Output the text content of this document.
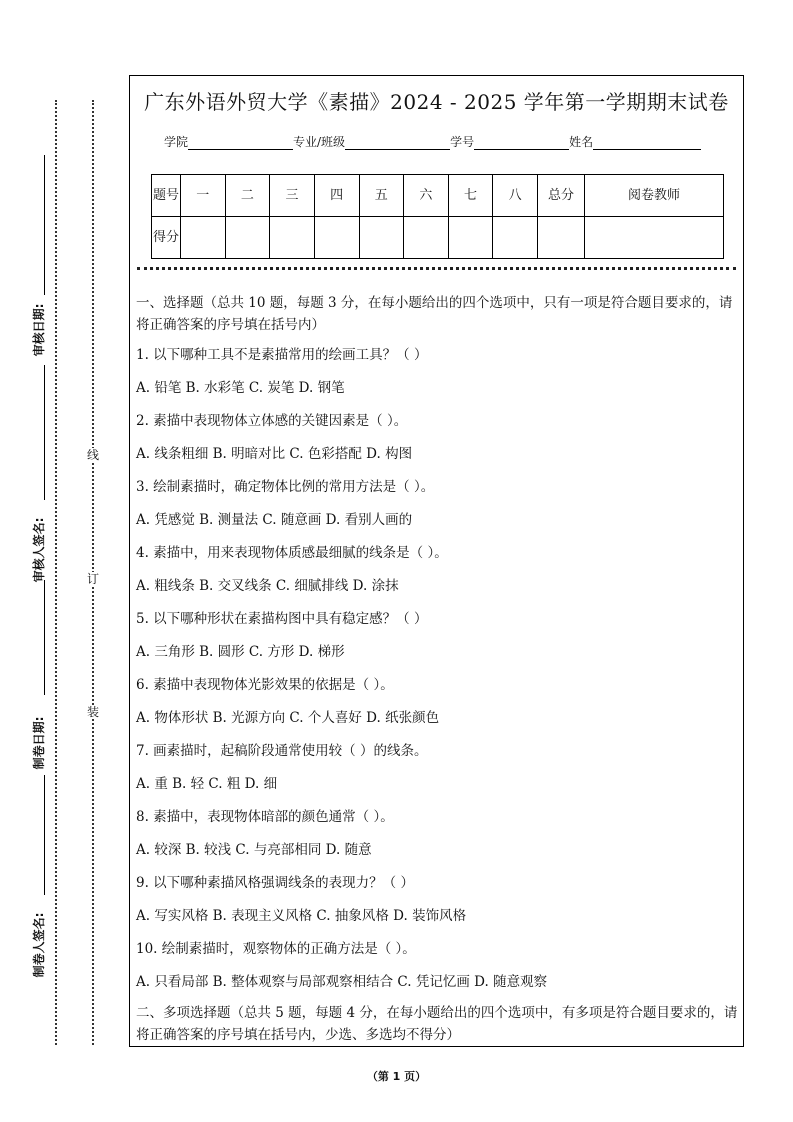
审核日期:
审核人签名:
制卷日期:
制卷人签名:
线
订
装
广东外语外贸大学《素描》2024 - 2025 学年第一学期期末试卷
学院	专业/班级	学号	姓名
题号	一	二	三	四	五	六	七	八	总分	阅卷教师
得分										
一、选择题（总共 10 题，每题 3 分，在每小题给出的四个选项中，只有一项是符合题目要求的，请将正确答案的序号填在括号内）
1. 以下哪种工具不是素描常用的绘画工具？（ ）
A. 铅笔 B. 水彩笔 C. 炭笔 D. 钢笔
2. 素描中表现物体立体感的关键因素是（ ）。
A. 线条粗细 B. 明暗对比 C. 色彩搭配 D. 构图
3. 绘制素描时，确定物体比例的常用方法是（ ）。
A. 凭感觉 B. 测量法 C. 随意画 D. 看别人画的
4. 素描中，用来表现物体质感最细腻的线条是（ ）。
A. 粗线条 B. 交叉线条 C. 细腻排线 D. 涂抹
5. 以下哪种形状在素描构图中具有稳定感？（ ）
A. 三角形 B. 圆形 C. 方形 D. 梯形
6. 素描中表现物体光影效果的依据是（ ）。
A. 物体形状 B. 光源方向 C. 个人喜好 D. 纸张颜色
7. 画素描时，起稿阶段通常使用较（ ）的线条。
A. 重 B. 轻 C. 粗 D. 细
8. 素描中，表现物体暗部的颜色通常（ ）。
A. 较深 B. 较浅 C. 与亮部相同 D. 随意
9. 以下哪种素描风格强调线条的表现力？（ ）
A. 写实风格 B. 表现主义风格 C. 抽象风格 D. 装饰风格
10. 绘制素描时，观察物体的正确方法是（ ）。
A. 只看局部 B. 整体观察与局部观察相结合 C. 凭记忆画 D. 随意观察
二、多项选择题（总共 5 题，每题 4 分，在每小题给出的四个选项中，有多项是符合题目要求的，请将正确答案的序号填在括号内，少选、多选均不得分）
（第 1 页）
